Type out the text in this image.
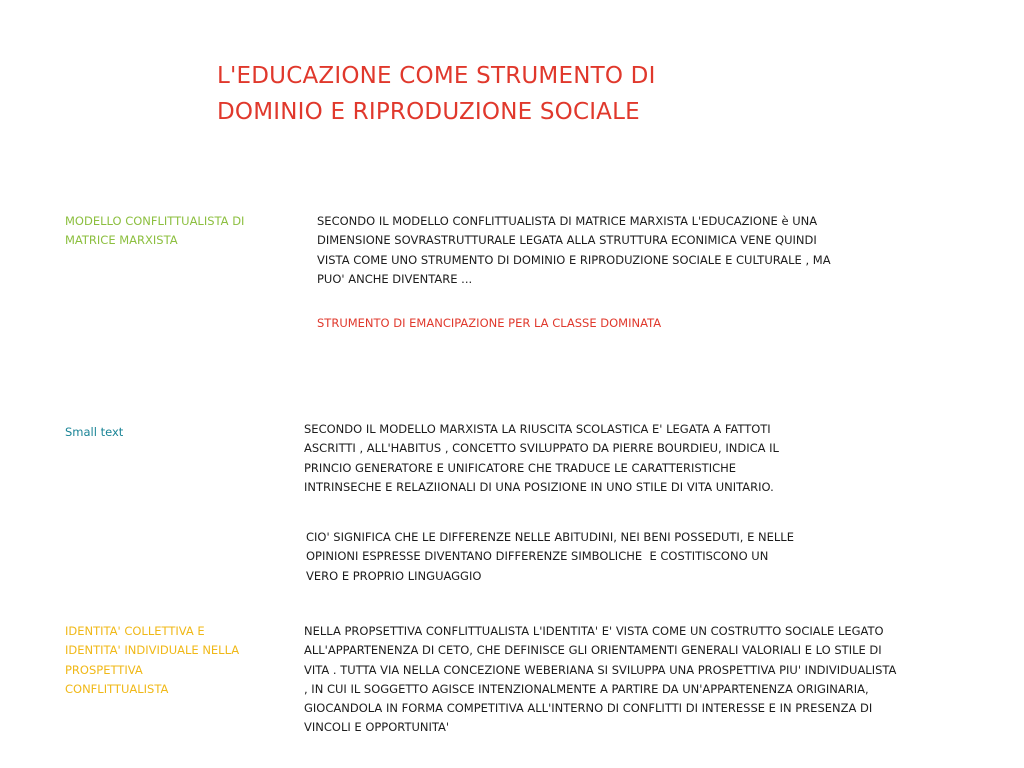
L'EDUCAZIONE COME STRUMENTO DI
DOMINIO E RIPRODUZIONE SOCIALE
MODELLO CONFLITTUALISTA DI
MATRICE MARXISTA
SECONDO IL MODELLO CONFLITTUALISTA DI MATRICE MARXISTA L'EDUCAZIONE è UNA
DIMENSIONE SOVRASTRUTTURALE LEGATA ALLA STRUTTURA ECONIMICA VENE QUINDI
VISTA COME UNO STRUMENTO DI DOMINIO E RIPRODUZIONE SOCIALE E CULTURALE , MA
PUO' ANCHE DIVENTARE ...
STRUMENTO DI EMANCIPAZIONE PER LA CLASSE DOMINATA
Small text	SECONDO IL MODELLO MARXISTA LA RIUSCITA SCOLASTICA E' LEGATA A FATTOTI
ASCRITTI , ALL'HABITUS , CONCETTO SVILUPPATO DA PIERRE BOURDIEU, INDICA IL
PRINCIO GENERATORE E UNIFICATORE CHE TRADUCE LE CARATTERISTICHE
INTRINSECHE E RELAZIIONALI DI UNA POSIZIONE IN UNO STILE DI VITA UNITARIO.
CIO' SIGNIFICA CHE LE DIFFERENZE NELLE ABITUDINI, NEI BENI POSSEDUTI, E NELLE
OPINIONI ESPRESSE DIVENTANO DIFFERENZE SIMBOLICHE  E COSTITISCONO UN
VERO E PROPRIO LINGUAGGIO
IDENTITA' COLLETTIVA E
IDENTITA' INDIVIDUALE NELLA
PROSPETTIVA
CONFLITTUALISTA
NELLA PROPSETTIVA CONFLITTUALISTA L'IDENTITA' E' VISTA COME UN COSTRUTTO SOCIALE LEGATO
ALL'APPARTENENZA DI CETO, CHE DEFINISCE GLI ORIENTAMENTI GENERALI VALORIALI E LO STILE DI
VITA . TUTTA VIA NELLA CONCEZIONE WEBERIANA SI SVILUPPA UNA PROSPETTIVA PIU' INDIVIDUALISTA
, IN CUI IL SOGGETTO AGISCE INTENZIONALMENTE A PARTIRE DA UN'APPARTENENZA ORIGINARIA,
GIOCANDOLA IN FORMA COMPETITIVA ALL'INTERNO DI CONFLITTI DI INTERESSE E IN PRESENZA DI
VINCOLI E OPPORTUNITA'
